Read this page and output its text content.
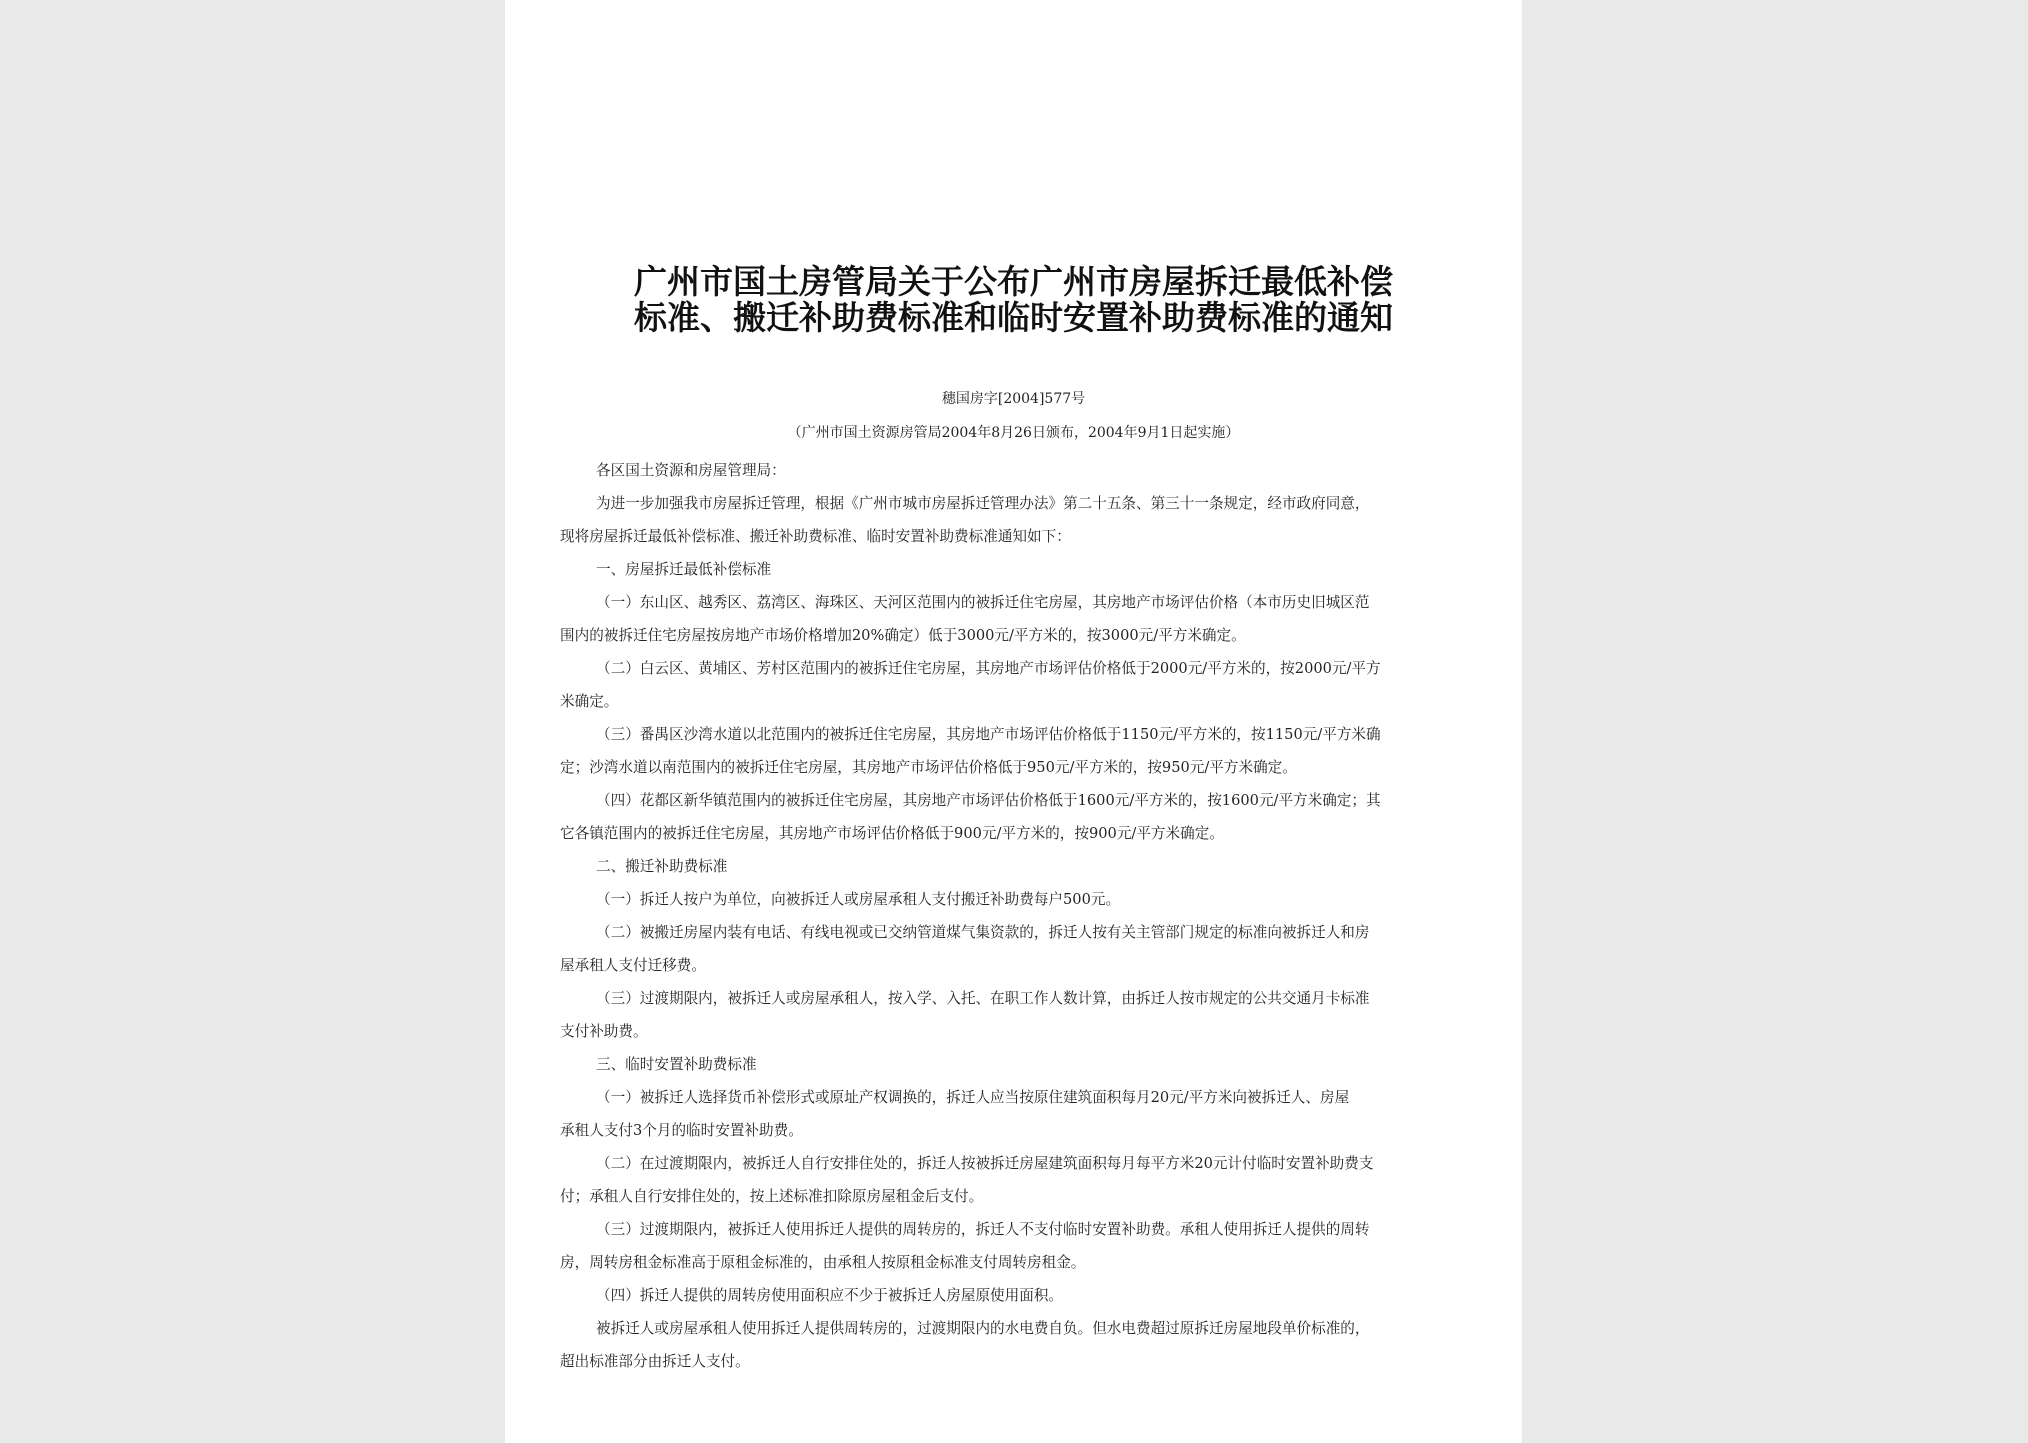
广州市国土房管局关于公布广州市房屋拆迁最低补偿
标准、搬迁补助费标准和临时安置补助费标准的通知
穗国房字[2004]577号
（广州市国土资源房管局2004年8月26日颁布，2004年9月1日起实施）

各区国土资源和房屋管理局：

为进一步加强我市房屋拆迁管理，根据《广州市城市房屋拆迁管理办法》第二十五条、第三十一条规定，经市政府同意，

现将房屋拆迁最低补偿标准、搬迁补助费标准、临时安置补助费标准通知如下：

一、房屋拆迁最低补偿标准

（一）东山区、越秀区、荔湾区、海珠区、天河区范围内的被拆迁住宅房屋，其房地产市场评估价格（本市历史旧城区范

围内的被拆迁住宅房屋按房地产市场价格增加20%确定）低于3000元/平方米的，按3000元/平方米确定。

（二）白云区、黄埔区、芳村区范围内的被拆迁住宅房屋，其房地产市场评估价格低于2000元/平方米的，按2000元/平方

米确定。

（三）番禺区沙湾水道以北范围内的被拆迁住宅房屋，其房地产市场评估价格低于1150元/平方米的，按1150元/平方米确

定；沙湾水道以南范围内的被拆迁住宅房屋，其房地产市场评估价格低于950元/平方米的，按950元/平方米确定。

（四）花都区新华镇范围内的被拆迁住宅房屋，其房地产市场评估价格低于1600元/平方米的，按1600元/平方米确定；其

它各镇范围内的被拆迁住宅房屋，其房地产市场评估价格低于900元/平方米的，按900元/平方米确定。

二、搬迁补助费标准

（一）拆迁人按户为单位，向被拆迁人或房屋承租人支付搬迁补助费每户500元。

（二）被搬迁房屋内装有电话、有线电视或已交纳管道煤气集资款的，拆迁人按有关主管部门规定的标准向被拆迁人和房

屋承租人支付迁移费。

（三）过渡期限内，被拆迁人或房屋承租人，按入学、入托、在职工作人数计算，由拆迁人按市规定的公共交通月卡标准

支付补助费。

三、临时安置补助费标准

（一）被拆迁人选择货币补偿形式或原址产权调换的，拆迁人应当按原住建筑面积每月20元/平方米向被拆迁人、房屋

承租人支付3个月的临时安置补助费。

（二）在过渡期限内，被拆迁人自行安排住处的，拆迁人按被拆迁房屋建筑面积每月每平方米20元计付临时安置补助费支

付；承租人自行安排住处的，按上述标准扣除原房屋租金后支付。

（三）过渡期限内，被拆迁人使用拆迁人提供的周转房的，拆迁人不支付临时安置补助费。承租人使用拆迁人提供的周转

房，周转房租金标准高于原租金标准的，由承租人按原租金标准支付周转房租金。

（四）拆迁人提供的周转房使用面积应不少于被拆迁人房屋原使用面积。

被拆迁人或房屋承租人使用拆迁人提供周转房的，过渡期限内的水电费自负。但水电费超过原拆迁房屋地段单价标准的，

超出标准部分由拆迁人支付。
